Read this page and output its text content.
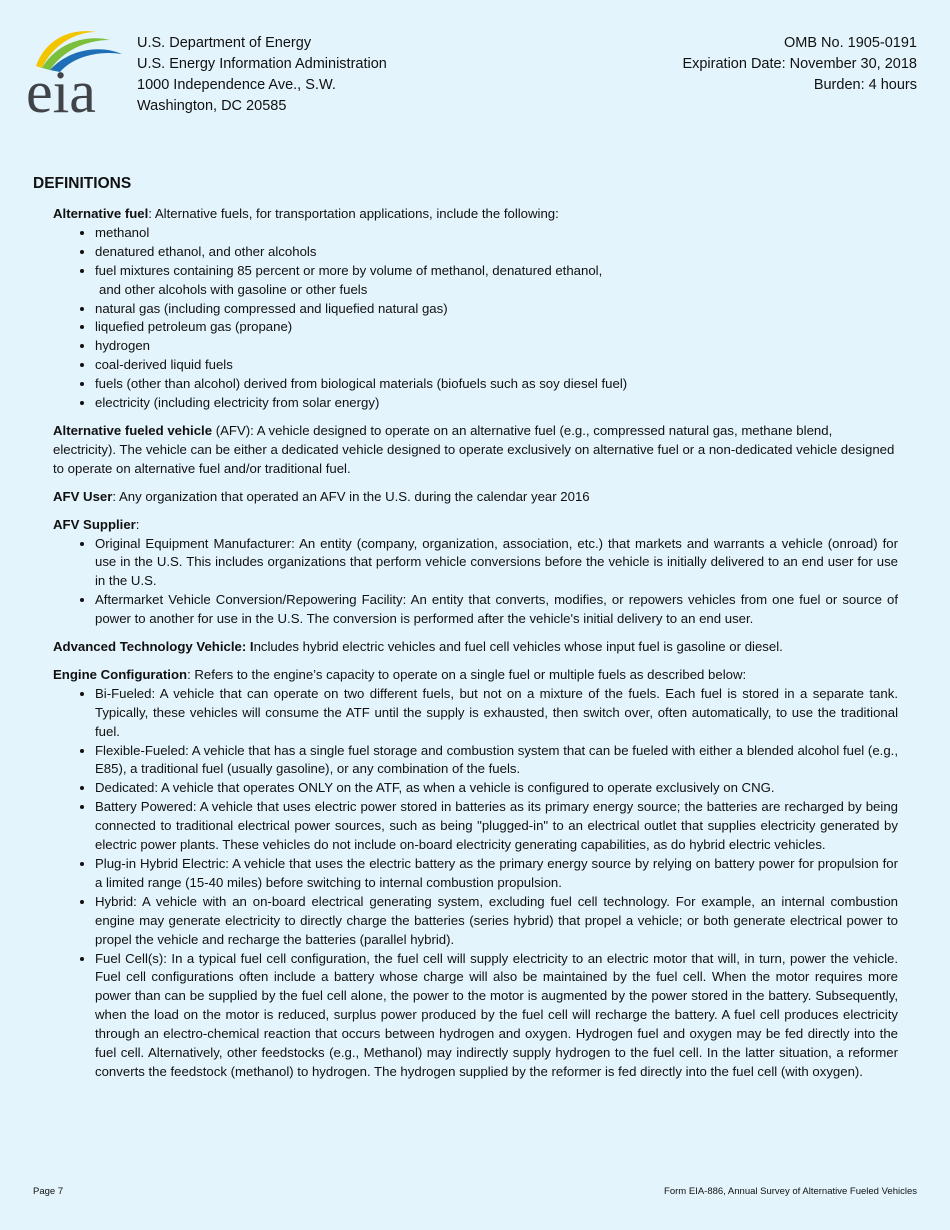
eia
U.S. Department of Energy
U.S. Energy Information Administration
1000 Independence Ave., S.W.
Washington, DC 20585
OMB No. 1905-0191
Expiration Date: November 30, 2018
Burden: 4 hours
DEFINITIONS

Alternative fuel: Alternative fuels, for transportation applications, include the following:

• methanol
• denatured ethanol, and other alcohols
• fuel mixtures containing 85 percent or more by volume of methanol, denatured ethanol,
and other alcohols with gasoline or other fuels
• natural gas (including compressed and liquefied natural gas)
• liquefied petroleum gas (propane)
• hydrogen
• coal-derived liquid fuels
• fuels (other than alcohol) derived from biological materials (biofuels such as soy diesel fuel)
• electricity (including electricity from solar energy)

Alternative fueled vehicle (AFV): A vehicle designed to operate on an alternative fuel (e.g., compressed natural gas, methane blend, electricity). The vehicle can be either a dedicated vehicle designed to operate exclusively on alternative fuel or a non-dedicated vehicle designed to operate on alternative fuel and/or traditional fuel.

AFV User: Any organization that operated an AFV in the U.S. during the calendar year 2016

AFV Supplier:

• Original Equipment Manufacturer: An entity (company, organization, association, etc.) that markets and warrants a vehicle (onroad) for use in the U.S. This includes organizations that perform vehicle conversions before the vehicle is initially delivered to an end user for use in the U.S.
• Aftermarket Vehicle Conversion/Repowering Facility: An entity that converts, modifies, or repowers vehicles from one fuel or source of power to another for use in the U.S. The conversion is performed after the vehicle's initial delivery to an end user.

Advanced Technology Vehicle: Includes hybrid electric vehicles and fuel cell vehicles whose input fuel is gasoline or diesel.

Engine Configuration: Refers to the engine’s capacity to operate on a single fuel or multiple fuels as described below:

• Bi-Fueled: A vehicle that can operate on two different fuels, but not on a mixture of the fuels. Each fuel is stored in a separate tank. Typically, these vehicles will consume the ATF until the supply is exhausted, then switch over, often automatically, to use the traditional fuel.
• Flexible-Fueled: A vehicle that has a single fuel storage and combustion system that can be fueled with either a blended alcohol fuel (e.g., E85), a traditional fuel (usually gasoline), or any combination of the fuels.
• Dedicated: A vehicle that operates ONLY on the ATF, as when a vehicle is configured to operate exclusively on CNG.
• Battery Powered: A vehicle that uses electric power stored in batteries as its primary energy source; the batteries are recharged by being connected to traditional electrical power sources, such as being "plugged-in" to an electrical outlet that supplies electricity generated by electric power plants. These vehicles do not include on-board electricity generating capabilities, as do hybrid electric vehicles.
• Plug-in Hybrid Electric: A vehicle that uses the electric battery as the primary energy source by relying on battery power for propulsion for a limited range (15-40 miles) before switching to internal combustion propulsion.
• Hybrid: A vehicle with an on-board electrical generating system, excluding fuel cell technology. For example, an internal combustion engine may generate electricity to directly charge the batteries (series hybrid) that propel a vehicle; or both generate electrical power to propel the vehicle and recharge the batteries (parallel hybrid).
• Fuel Cell(s): In a typical fuel cell configuration, the fuel cell will supply electricity to an electric motor that will, in turn, power the vehicle. Fuel cell configurations often include a battery whose charge will also be maintained by the fuel cell. When the motor requires more power than can be supplied by the fuel cell alone, the power to the motor is augmented by the power stored in the battery. Subsequently, when the load on the motor is reduced, surplus power produced by the fuel cell will recharge the battery. A fuel cell produces electricity through an electro-chemical reaction that occurs between hydrogen and oxygen. Hydrogen fuel and oxygen may be fed directly into the fuel cell. Alternatively, other feedstocks (e.g., Methanol) may indirectly supply hydrogen to the fuel cell. In the latter situation, a reformer converts the feedstock (methanol) to hydrogen. The hydrogen supplied by the reformer is fed directly into the fuel cell (with oxygen).
Page 7	Form EIA-886, Annual Survey of Alternative Fueled Vehicles
